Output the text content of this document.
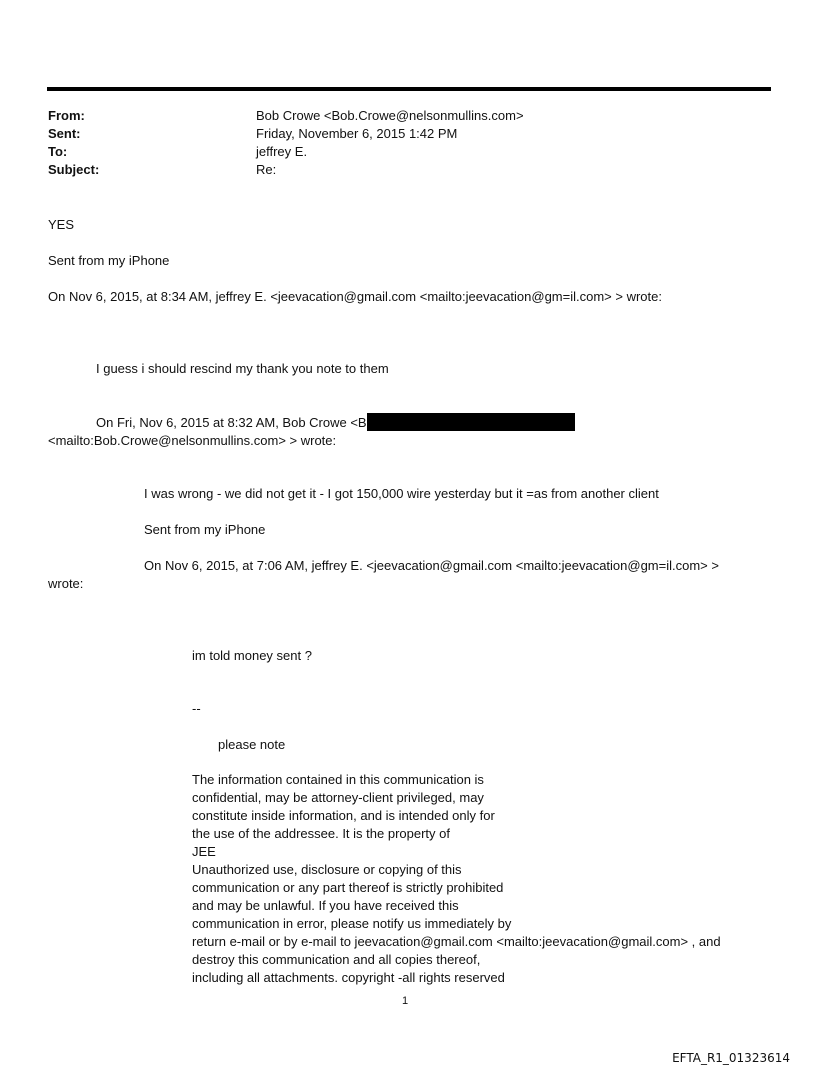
From:	Bob Crowe <Bob.Crowe@nelsonmullins.com>
Sent:	Friday, November 6, 2015 1:42 PM
To:	jeffrey E.
Subject:	Re:
YES
Sent from my iPhone
On Nov 6, 2015, at 8:34 AM, jeffrey E. <jeevacation@gmail.com <mailto:jeevacation@gm=il.com> > wrote:
I guess i should rescind my thank you note to them
On Fri, Nov 6, 2015 at 8:32 AM, Bob Crowe <B
<mailto:Bob.Crowe@nelsonmullins.com> > wrote:
I was wrong - we did not get it - I got 150,000 wire yesterday but it =as from another client
Sent from my iPhone
On Nov 6, 2015, at 7:06 AM, jeffrey E. <jeevacation@gmail.com <mailto:jeevacation@gm=il.com> >
wrote:
im told money sent ?
--
please note
The information contained in this communication is
confidential, may be attorney-client privileged, may
constitute inside information, and is intended only for
the use of the addressee. It is the property of
JEE
Unauthorized use, disclosure or copying of this
communication or any part thereof is strictly prohibited
and may be unlawful. If you have received this
communication in error, please notify us immediately by
return e-mail or by e-mail to jeevacation@gmail.com <mailto:jeevacation@gmail.com> , and
destroy this communication and all copies thereof,
including all attachments. copyright -all rights reserved
1
EFTA_R1_01323614
